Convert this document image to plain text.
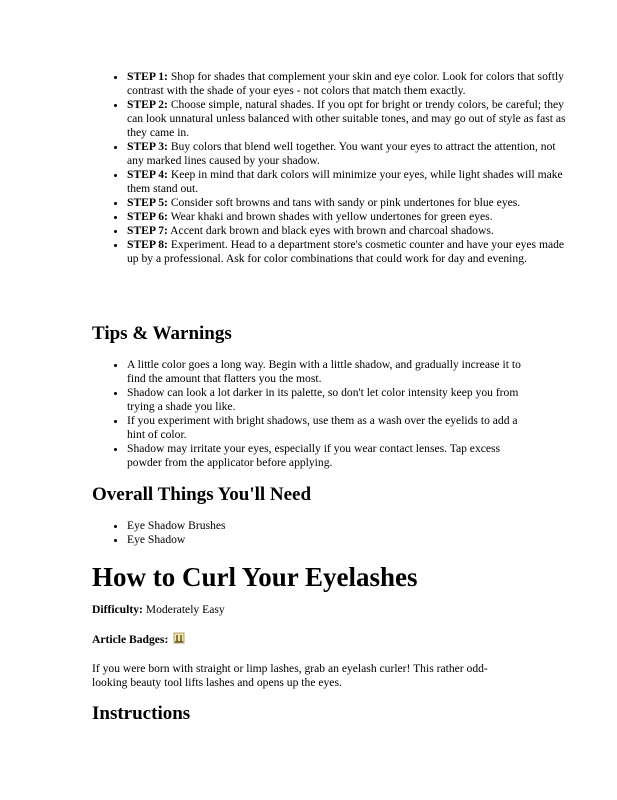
• STEP 1: Shop for shades that complement your skin and eye color. Look for colors that softly contrast with the shade of your eyes - not colors that match them exactly.
• STEP 2: Choose simple, natural shades. If you opt for bright or trendy colors, be careful; they can look unnatural unless balanced with other suitable tones, and may go out of style as fast as they came in.
• STEP 3: Buy colors that blend well together. You want your eyes to attract the attention, not any marked lines caused by your shadow.
• STEP 4: Keep in mind that dark colors will minimize your eyes, while light shades will make them stand out.
• STEP 5: Consider soft browns and tans with sandy or pink undertones for blue eyes.
• STEP 6: Wear khaki and brown shades with yellow undertones for green eyes.
• STEP 7: Accent dark brown and black eyes with brown and charcoal shadows.
• STEP 8: Experiment. Head to a department store's cosmetic counter and have your eyes made up by a professional. Ask for color combinations that could work for day and evening.
Tips & Warnings
• A little color goes a long way. Begin with a little shadow, and gradually increase it to find the amount that flatters you the most.
• Shadow can look a lot darker in its palette, so don't let color intensity keep you from trying a shade you like.
• If you experiment with bright shadows, use them as a wash over the eyelids to add a hint of color.
• Shadow may irritate your eyes, especially if you wear contact lenses. Tap excess powder from the applicator before applying.
Overall Things You'll Need
• Eye Shadow Brushes
• Eye Shadow
How to Curl Your Eyelashes

Difficulty: Moderately Easy

Article Badges:

If you were born with straight or limp lashes, grab an eyelash curler! This rather odd-looking beauty tool lifts lashes and opens up the eyes.

Instructions
